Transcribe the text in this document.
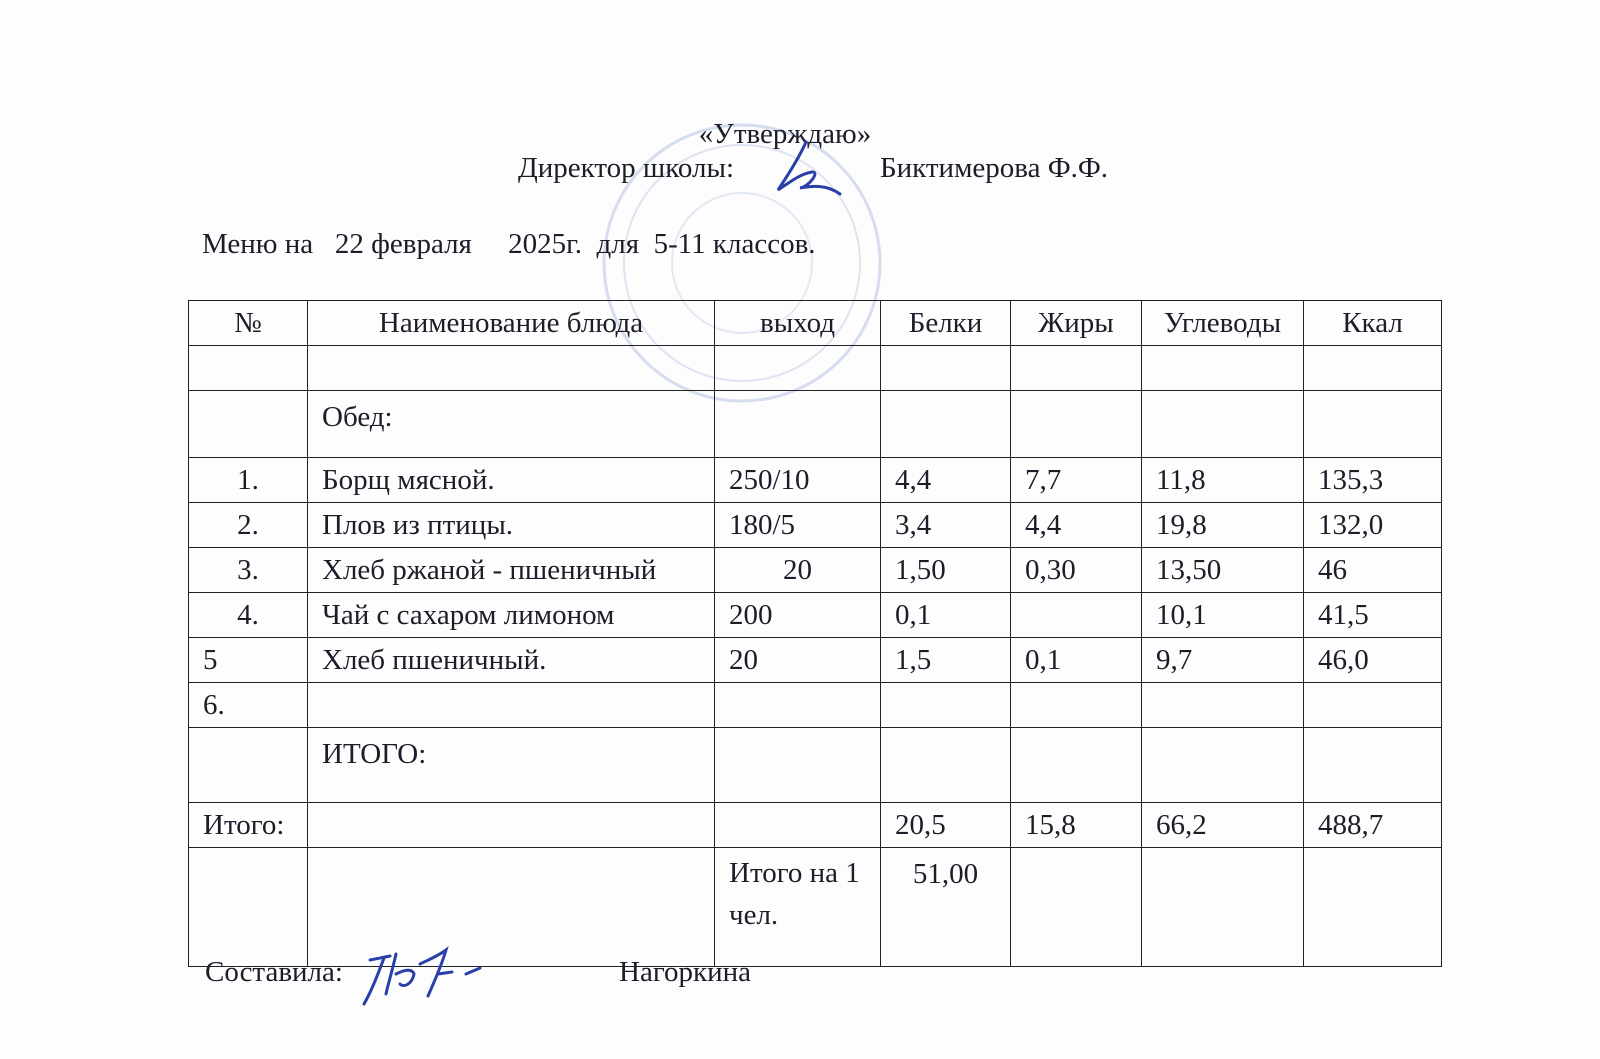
«Утверждаю»
Директор школы:	Биктимерова Ф.Ф.
Меню на   22 февраля     2025г.  для  5-11 классов.
№	Наименование блюда	выход	Белки	Жиры	Углеводы	Ккал

	Обед:					
1.	Борщ мясной.	250/10	4,4	7,7	11,8	135,3
2.	Плов из птицы.	180/5	3,4	4,4	19,8	132,0
3.	Хлеб ржаной - пшеничный	20	1,50	0,30	13,50	46
4.	Чай с сахаром лимоном	200	0,1		10,1	41,5
5	Хлеб пшеничный.	20	1,5	0,1	9,7	46,0
6.						
	ИТОГО:					
Итого:			20,5	15,8	66,2	488,7
		Итого на 1 чел.	51,00			
Составила:	Нагоркина
